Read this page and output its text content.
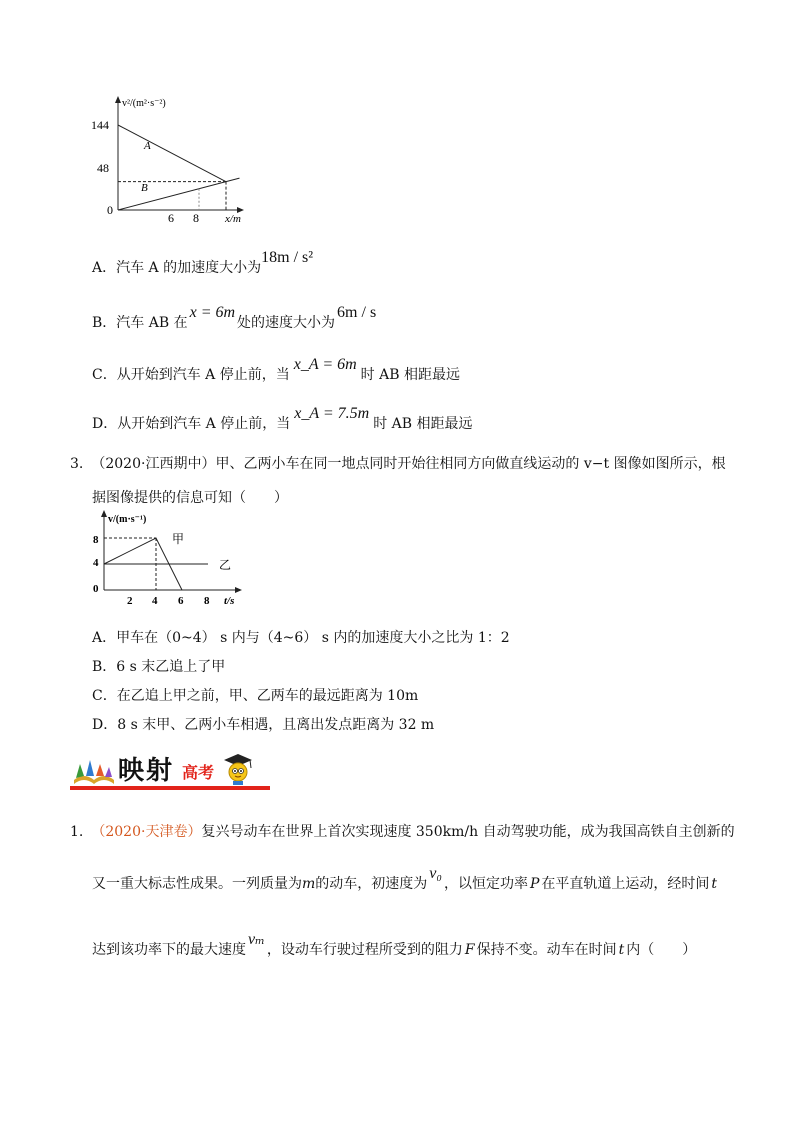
v²/(m²·s⁻²)
x/m
144
48
0
6 8
A
B
A．汽车 A 的加速度大小为18m / s²
B．汽车 AB 在x = 6m处的速度大小为6m / s
C．从开始到汽车 A 停止前，当x_A = 6m时 AB 相距最远
D．从开始到汽车 A 停止前，当x_A = 7.5m时 AB 相距最远
3. （2020·江西期中）甲、乙两小车在同一地点同时开始往相同方向做直线运动的 v−t 图像如图所示，根
据图像提供的信息可知（　　）
v/(m·s⁻¹)
t/s
甲
乙
8
4
0
2 4 6 8
A．甲车在（0~4） s 内与（4~6） s 内的加速度大小之比为 1：2
B．6 s 末乙追上了甲
C．在乙追上甲之前，甲、乙两车的最远距离为 10m
D．8 s 末甲、乙两小车相遇，且离出发点距离为 32 m
映射 高考
1. （2020·天津卷）复兴号动车在世界上首次实现速度 350km/h 自动驾驶功能，成为我国高铁自主创新的
又一重大标志性成果。一列质量为m的动车，初速度为v₀，以恒定功率 P 在平直轨道上运动，经时间 t
达到该功率下的最大速度vₘ，设动车行驶过程所受到的阻力 F 保持不变。动车在时间 t 内（　　）
